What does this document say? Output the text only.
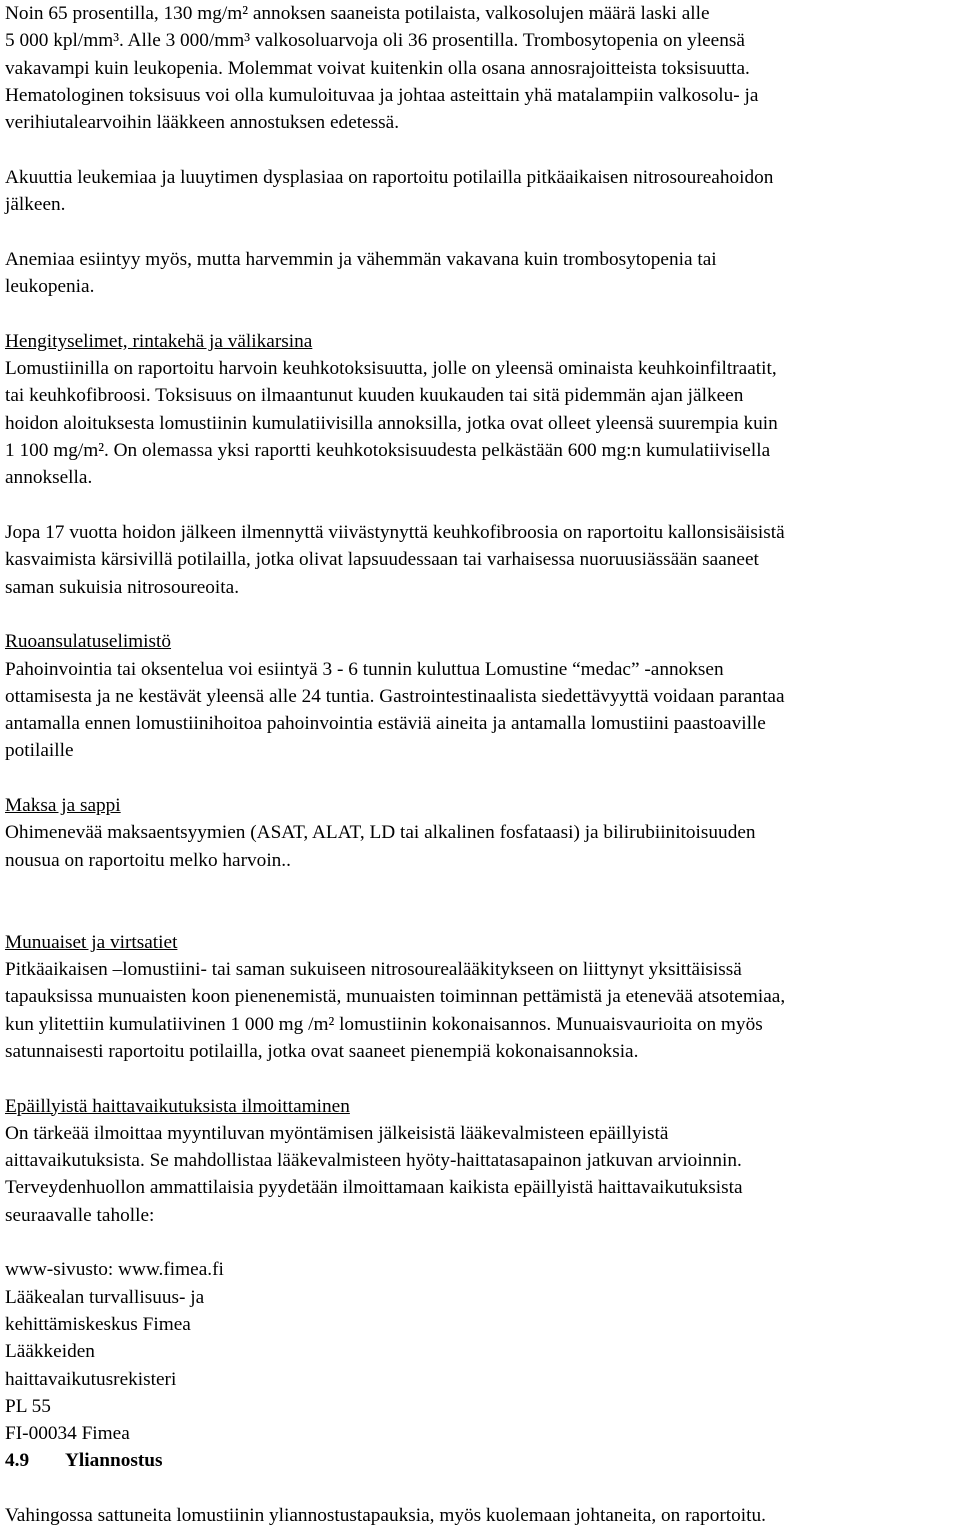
Noin 65 prosentilla, 130 mg/m² annoksen saaneista potilaista, valkosolujen määrä laski alle
5 000 kpl/mm³. Alle 3 000/mm³ valkosoluarvoja oli 36 prosentilla. Trombosytopenia on yleensä
vakavampi kuin leukopenia. Molemmat voivat kuitenkin olla osana annosrajoitteista toksisuutta.
Hematologinen toksisuus voi olla kumuloituvaa ja johtaa asteittain yhä matalampiin valkosolu- ja
verihiutalearvoihin lääkkeen annostuksen edetessä.

Akuuttia leukemiaa ja luuytimen dysplasiaa on raportoitu potilailla pitkäaikaisen nitrosoureahoidon
jälkeen.

Anemiaa esiintyy myös, mutta harvemmin ja vähemmän vakavana kuin trombosytopenia tai
leukopenia.

Hengityselimet, rintakehä ja välikarsina
Lomustiinilla on raportoitu harvoin keuhkotoksisuutta, jolle on yleensä ominaista keuhkoinfiltraatit,
tai keuhkofibroosi. Toksisuus on ilmaantunut kuuden kuukauden tai sitä pidemmän ajan jälkeen
hoidon aloituksesta lomustiinin kumulatiivisilla annoksilla, jotka ovat olleet yleensä suurempia kuin
1 100 mg/m². On olemassa yksi raportti keuhkotoksisuudesta pelkästään 600 mg:n kumulatiivisella
annoksella.

Jopa 17 vuotta hoidon jälkeen ilmennyttä viivästynyttä keuhkofibroosia on raportoitu kallonsisäisistä
kasvaimista kärsivillä potilailla, jotka olivat lapsuudessaan tai varhaisessa nuoruusiässään saaneet
saman sukuisia nitrosoureoita.

Ruoansulatuselimistö
Pahoinvointia tai oksentelua voi esiintyä 3 - 6 tunnin kuluttua Lomustine “medac” -annoksen
ottamisesta ja ne kestävät yleensä alle 24 tuntia. Gastrointestinaalista siedettävyyttä voidaan parantaa
antamalla ennen lomustiinihoitoa pahoinvointia estäviä aineita ja antamalla lomustiini paastoaville
potilaille

Maksa ja sappi
Ohimenevää maksaentsyymien (ASAT, ALAT, LD tai alkalinen fosfataasi) ja bilirubiinitoisuuden
nousua on raportoitu melko harvoin..

Munuaiset ja virtsatiet
Pitkäaikaisen –lomustiini- tai saman sukuiseen nitrosourealääkitykseen on liittynyt yksittäisissä
tapauksissa munuaisten koon pienenemistä, munuaisten toiminnan pettämistä ja etenevää atsotemiaa,
kun ylitettiin kumulatiivinen 1 000 mg /m² lomustiinin kokonaisannos. Munuaisvaurioita on myös
satunnaisesti raportoitu potilailla, jotka ovat saaneet pienempiä kokonaisannoksia.

Epäillyistä haittavaikutuksista ilmoittaminen
On tärkeää ilmoittaa myyntiluvan myöntämisen jälkeisistä lääkevalmisteen epäillyistä
aittavaikutuksista. Se mahdollistaa lääkevalmisteen hyöty-haittatasapainon jatkuvan arvioinnin.
Terveydenhuollon ammattilaisia pyydetään ilmoittamaan kaikista epäillyistä haittavaikutuksista
seuraavalle taholle:

www-sivusto: www.fimea.fi
Lääkealan turvallisuus- ja
kehittämiskeskus Fimea
Lääkkeiden
haittavaikutusrekisteri
PL 55
FI-00034 Fimea

4.9 Yliannostus

Vahingossa sattuneita lomustiinin yliannostustapauksia, myös kuolemaan johtaneita, on raportoitu.
